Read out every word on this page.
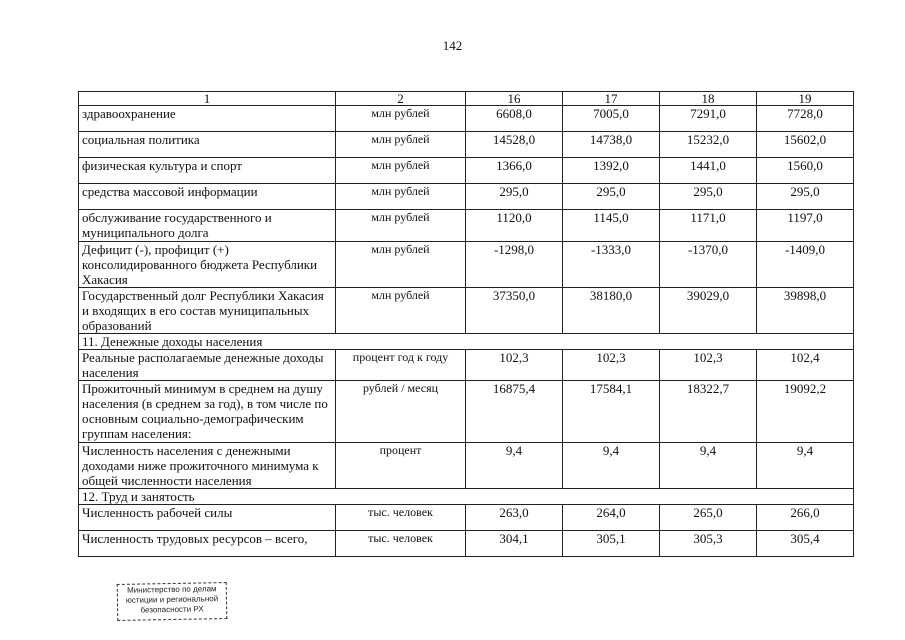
142
1	2	16	17	18	19
здравоохранение	млн рублей	6608,0	7005,0	7291,0	7728,0
социальная политика	млн рублей	14528,0	14738,0	15232,0	15602,0
физическая культура и спорт	млн рублей	1366,0	1392,0	1441,0	1560,0
средства массовой информации	млн рублей	295,0	295,0	295,0	295,0
обслуживание государственного и муниципального долга	млн рублей	1120,0	1145,0	1171,0	1197,0
Дефицит (-), профицит (+) консолидированного бюджета Республики Хакасия	млн рублей	-1298,0	-1333,0	-1370,0	-1409,0
Государственный долг Республики Хакасия и входящих в его состав муниципальных образований	млн рублей	37350,0	38180,0	39029,0	39898,0
11. Денежные доходы населения					
Реальные располагаемые денежные доходы населения	процент год к году	102,3	102,3	102,3	102,4
Прожиточный минимум в среднем на душу населения (в среднем за год), в том числе по основным социально-демографическим группам населения:	рублей / месяц	16875,4	17584,1	18322,7	19092,2
Численность населения с денежными доходами ниже прожиточного минимума к общей численности населения	процент	9,4	9,4	9,4	9,4
12. Труд и занятость					
Численность рабочей силы	тыс. человек	263,0	264,0	265,0	266,0
Численность трудовых ресурсов – всего,	тыс. человек	304,1	305,1	305,3	305,4
Министерство по делам
юстиции и региональной
безопасности РХ
